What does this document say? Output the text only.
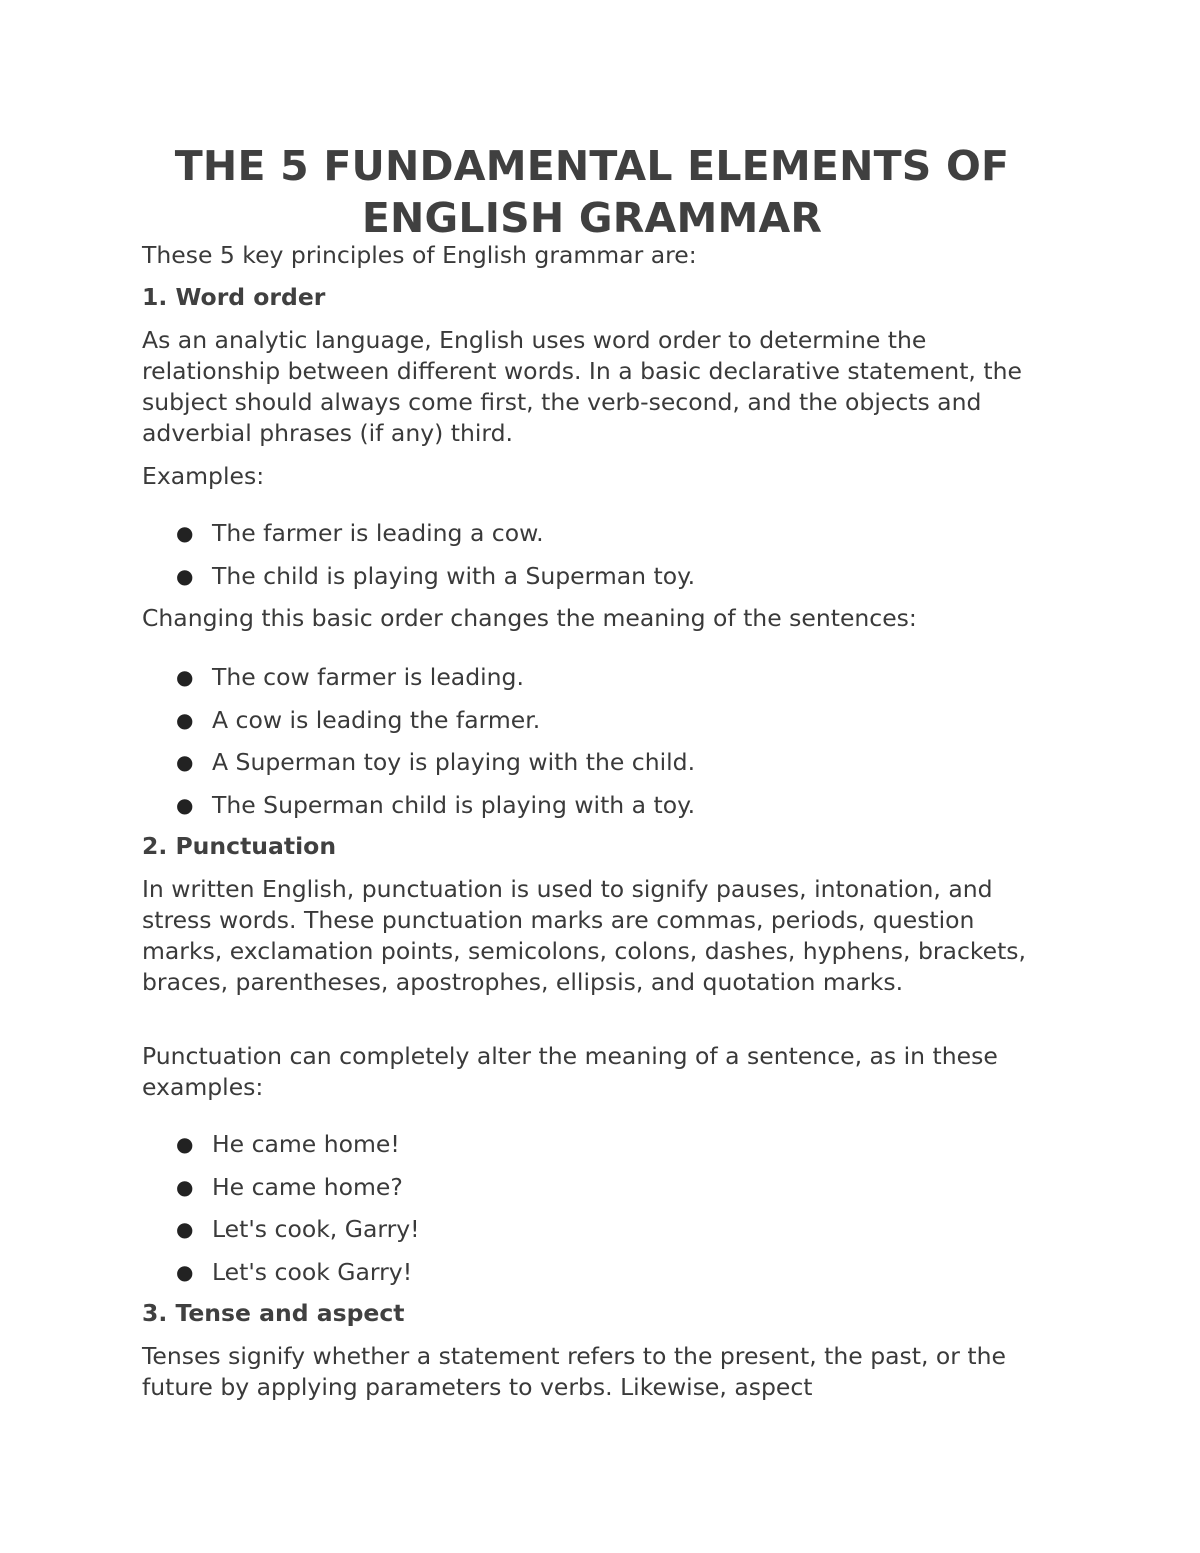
THE 5 FUNDAMENTAL ELEMENTS OF ENGLISH GRAMMAR

These 5 key principles of English grammar are:

1. Word order

As an analytic language, English uses word order to determine the relationship between different words. In a basic declarative statement, the subject should always come first, the verb-second, and the objects and adverbial phrases (if any) third.

Examples:

● The farmer is leading a cow.
● The child is playing with a Superman toy.

Changing this basic order changes the meaning of the sentences:

● The cow farmer is leading.
● A cow is leading the farmer.
● A Superman toy is playing with the child.
● The Superman child is playing with a toy.
2. Punctuation

In written English, punctuation is used to signify pauses, intonation, and stress words. These punctuation marks are commas, periods, question marks, exclamation points, semicolons, colons, dashes, hyphens, brackets, braces, parentheses, apostrophes, ellipsis, and quotation marks.

Punctuation can completely alter the meaning of a sentence, as in these examples:

● He came home!
● He came home?
● Let's cook, Garry!
● Let's cook Garry!
3. Tense and aspect

Tenses signify whether a statement refers to the present, the past, or the future by applying parameters to verbs. Likewise, aspect
